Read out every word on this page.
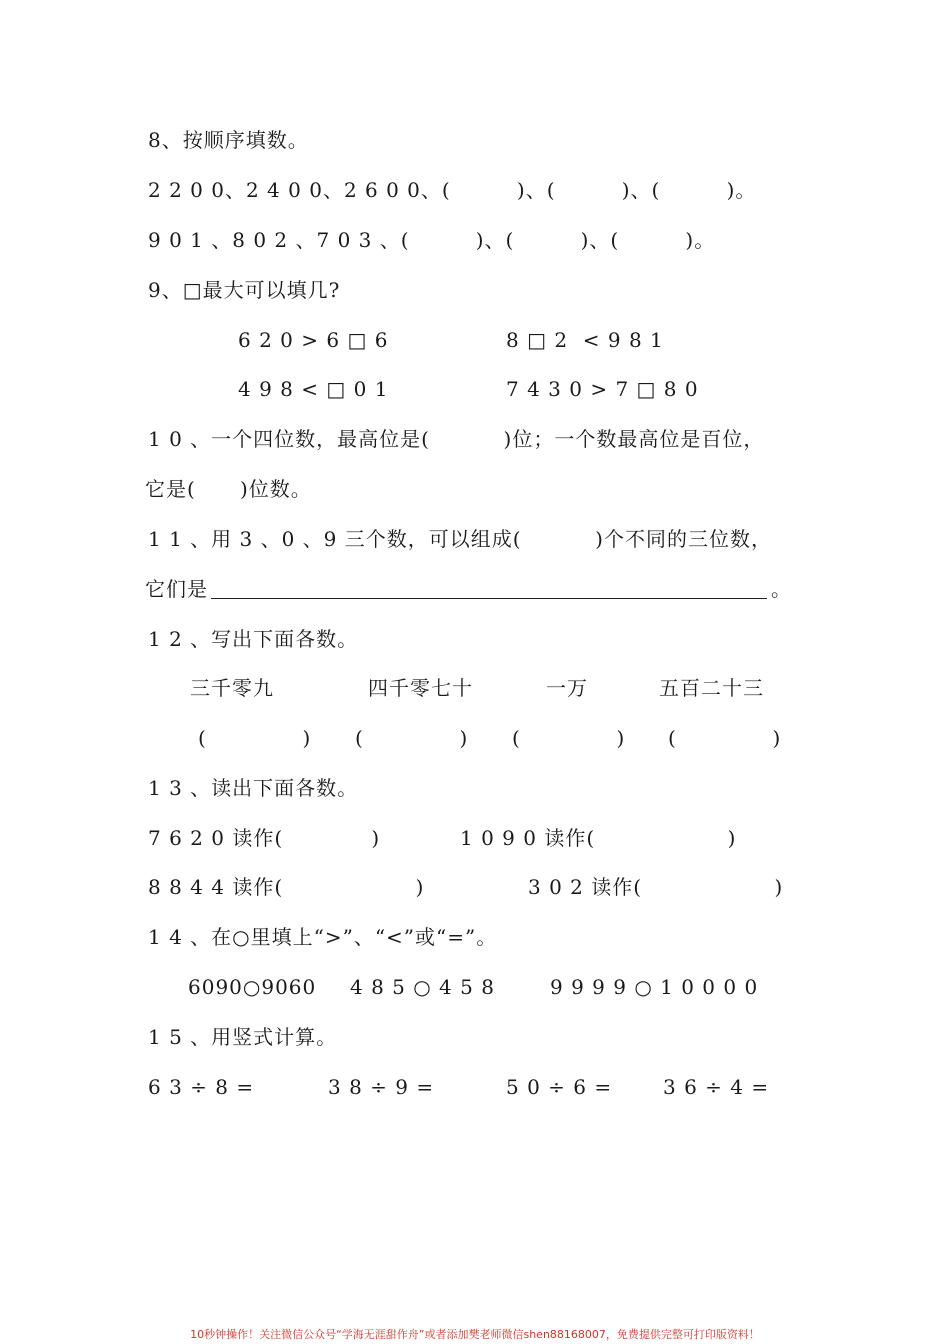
8、按顺序填数。
2 2 0 0、2 4 0 0、2 6 0 0、(         )、(         )、(         )。
9 0 1 、8 0 2 、7 0 3 、(         )、(         )、(         )。
9、□最大可以填几?
6 2 0 > 6 □ 6	8 □ 2  < 9 8 1
4 9 8 < □ 0 1	7 4 3 0 > 7 □ 8 0
1 0 、一个四位数，最高位是(          )位；一个数最高位是百位，
它是(      )位数。
1 1 、用 3 、0 、9 三个数，可以组成(          )个不同的三位数，
它们是	。
1 2 、写出下面各数。
三千零九	四千零七十	一万	五百二十三
(             ) (             ) (             ) (             )
1 3 、读出下面各数。
7 6 2 0 读作(            )	1 0 9 0 读作(                  )
8 8 4 4 读作(                  )	3 0 2 读作(                  )
1 4 、在○里填上“>”、“<”或“=”。
6090○9060 4 8 5 ○ 4 5 8	9 9 9 9 ○ 1 0 0 0 0
1 5 、用竖式计算。
6 3 ÷ 8 =	3 8 ÷ 9 =	5 0 ÷ 6 =	3 6 ÷ 4 =
10秒钟操作！关注微信公众号“学海无涯甜作舟”或者添加樊老师微信shen88168007，免费提供完整可打印版资料！
